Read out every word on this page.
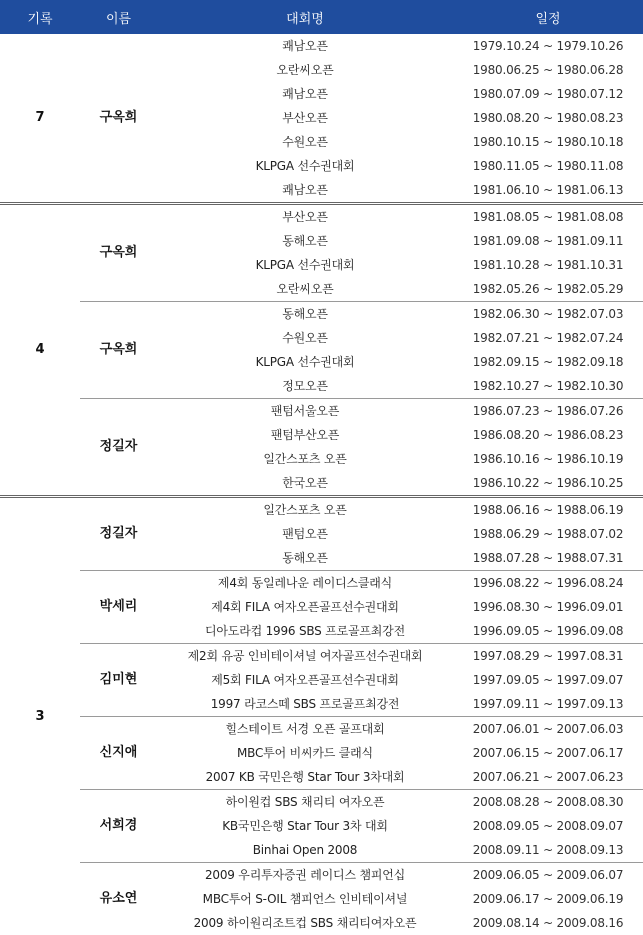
기록	이름	대회명	일정
7	구옥희	쾌남오픈	1979.10.24 ~ 1979.10.26
		오란씨오픈	1980.06.25 ~ 1980.06.28
		쾌남오픈	1980.07.09 ~ 1980.07.12
		부산오픈	1980.08.20 ~ 1980.08.23
		수원오픈	1980.10.15 ~ 1980.10.18
		KLPGA 선수권대회	1980.11.05 ~ 1980.11.08
		쾌남오픈	1981.06.10 ~ 1981.06.13
4	구옥희	부산오픈	1981.08.05 ~ 1981.08.08
		동해오픈	1981.09.08 ~ 1981.09.11
		KLPGA 선수권대회	1981.10.28 ~ 1981.10.31
		오란씨오픈	1982.05.26 ~ 1982.05.29
	구옥희	동해오픈	1982.06.30 ~ 1982.07.03
		수원오픈	1982.07.21 ~ 1982.07.24
		KLPGA 선수권대회	1982.09.15 ~ 1982.09.18
		정모오픈	1982.10.27 ~ 1982.10.30
	정길자	팬텀서울오픈	1986.07.23 ~ 1986.07.26
		팬텀부산오픈	1986.08.20 ~ 1986.08.23
		일간스포츠 오픈	1986.10.16 ~ 1986.10.19
		한국오픈	1986.10.22 ~ 1986.10.25
3	정길자	일간스포츠 오픈	1988.06.16 ~ 1988.06.19
		팬텀오픈	1988.06.29 ~ 1988.07.02
		동해오픈	1988.07.28 ~ 1988.07.31
	박세리	제4회 동일레나운 레이디스클래식	1996.08.22 ~ 1996.08.24
		제4회 FILA 여자오픈골프선수권대회	1996.08.30 ~ 1996.09.01
		디아도라컵 1996 SBS 프로골프최강전	1996.09.05 ~ 1996.09.08
	김미현	제2회 유공 인비테이셔널 여자골프선수권대회	1997.08.29 ~ 1997.08.31
		제5회 FILA 여자오픈골프선수권대회	1997.09.05 ~ 1997.09.07
		1997 라코스떼 SBS 프로골프최강전	1997.09.11 ~ 1997.09.13
	신지애	힐스테이트 서경 오픈 골프대회	2007.06.01 ~ 2007.06.03
		MBC투어 비씨카드 클래식	2007.06.15 ~ 2007.06.17
		2007 KB 국민은행 Star Tour 3차대회	2007.06.21 ~ 2007.06.23
	서희경	하이원컵 SBS 채리티 여자오픈	2008.08.28 ~ 2008.08.30
		KB국민은행 Star Tour 3차 대회	2008.09.05 ~ 2008.09.07
		Binhai Open 2008	2008.09.11 ~ 2008.09.13
	유소연	2009 우리투자증권 레이디스 챔피언십	2009.06.05 ~ 2009.06.07
		MBC투어 S-OIL 챔피언스 인비테이셔널	2009.06.17 ~ 2009.06.19
		2009 하이원리조트컵 SBS 채리티여자오픈	2009.08.14 ~ 2009.08.16
